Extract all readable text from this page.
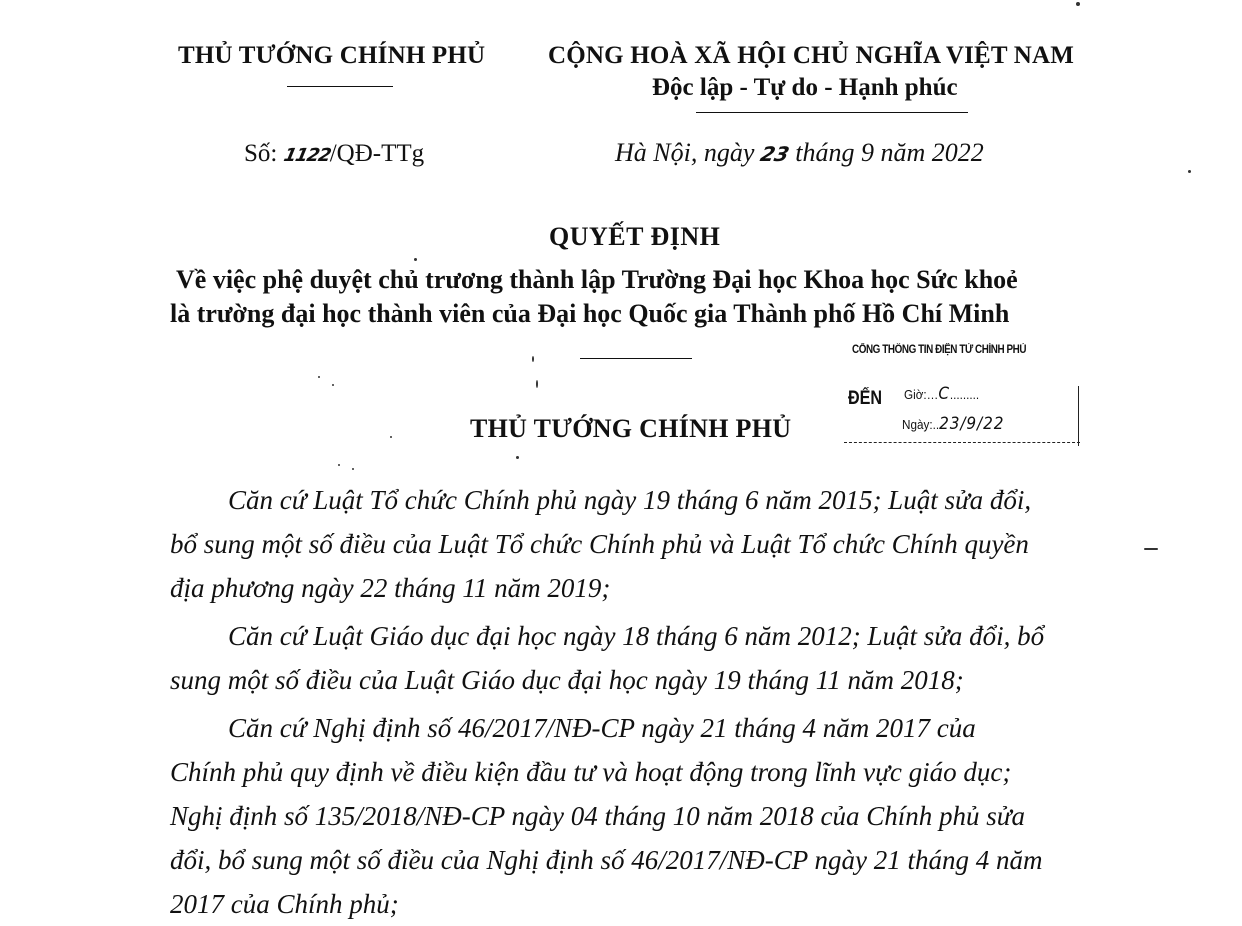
THỦ TƯỚNG CHÍNH PHỦ	CỘNG HOÀ XÃ HỘI CHỦ NGHĨA VIỆT NAM
Độc lập - Tự do - Hạnh phúc
Số: 1122/QĐ-TTg	Hà Nội, ngày 23 tháng 9 năm 2022
QUYẾT ĐỊNH
Về việc phệ duyệt chủ trương thành lập Trường Đại học Khoa học Sức khoẻ
là trường đại học thành viên của Đại học Quốc gia Thành phố Hồ Chí Minh
CỔNG THÔNG TIN ĐIỆN TỬ CHÍNH PHỦ
ĐẾN Giờ:…C.........
Ngày:..23/9/22
THỦ TƯỚNG CHÍNH PHỦ
Căn cứ Luật Tổ chức Chính phủ ngày 19 tháng 6 năm 2015; Luật sửa đổi,
bổ sung một số điều của Luật Tổ chức Chính phủ và Luật Tổ chức Chính quyền
địa phương ngày 22 tháng 11 năm 2019;
Căn cứ Luật Giáo dục đại học ngày 18 tháng 6 năm 2012; Luật sửa đổi, bổ
sung một số điều của Luật Giáo dục đại học ngày 19 tháng 11 năm 2018;
Căn cứ Nghị định số 46/2017/NĐ-CP ngày 21 tháng 4 năm 2017 của
Chính phủ quy định về điều kiện đầu tư và hoạt động trong lĩnh vực giáo dục;
Nghị định số 135/2018/NĐ-CP ngày 04 tháng 10 năm 2018 của Chính phủ sửa
đổi, bổ sung một số điều của Nghị định số 46/2017/NĐ-CP ngày 21 tháng 4 năm
2017 của Chính phủ;
